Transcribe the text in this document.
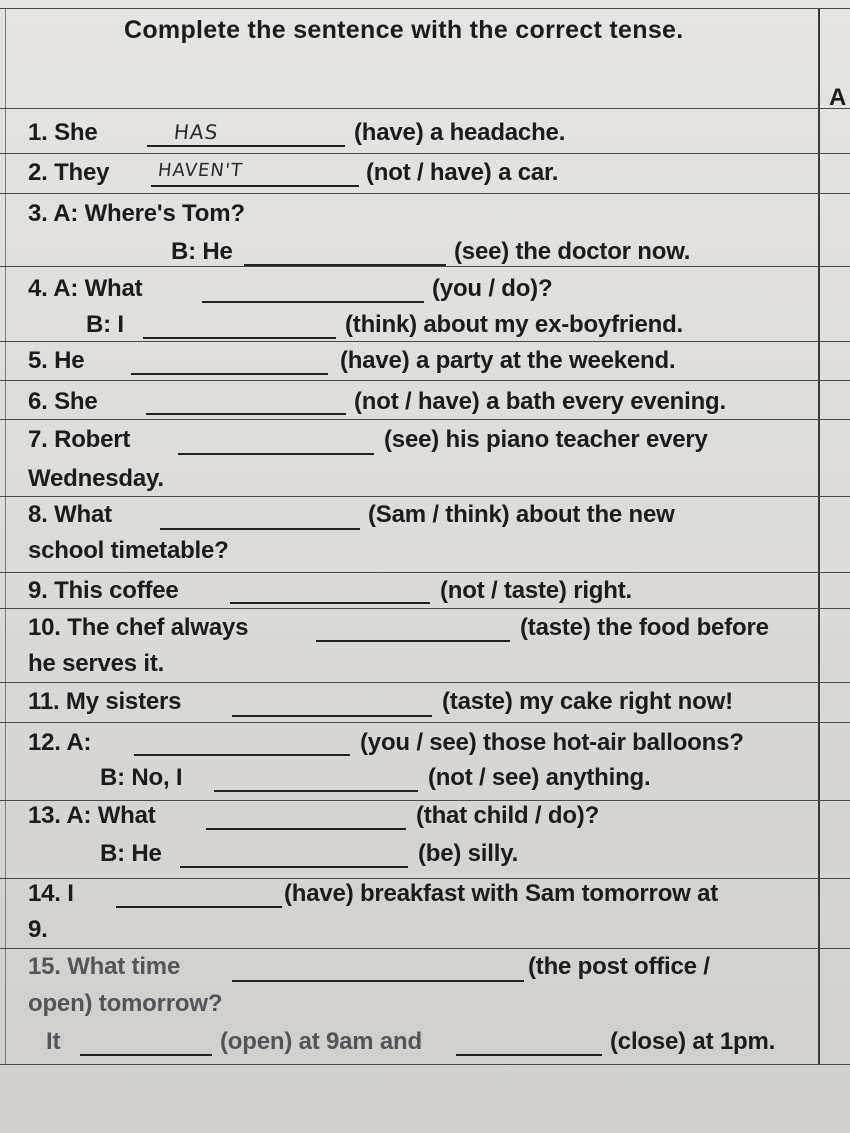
Complete the sentence with the correct tense.
A
1. She	HAS	(have) a headache.
2. They	HAVEN'T	(not / have) a car.
3. A: Where's Tom?
B: He	(see) the doctor now.
4. A: What	(you / do)?
B: I	(think) about my ex-boyfriend.
5. He	(have) a party at the weekend.
6. She	(not / have) a bath every evening.
7. Robert	(see) his piano teacher every
Wednesday.
8. What	(Sam / think) about the new
school timetable?
9. This coffee	(not / taste) right.
10. The chef always	(taste) the food before
he serves it.
11. My sisters	(taste) my cake right now!
12. A:	(you / see) those hot-air balloons?
B: No, I	(not / see) anything.
13. A: What	(that child / do)?
B: He	(be) silly.
14. I	(have) breakfast with Sam tomorrow at
9.
15. What time	(the post office /
open) tomorrow?
It	(open) at 9am and	(close) at 1pm.
